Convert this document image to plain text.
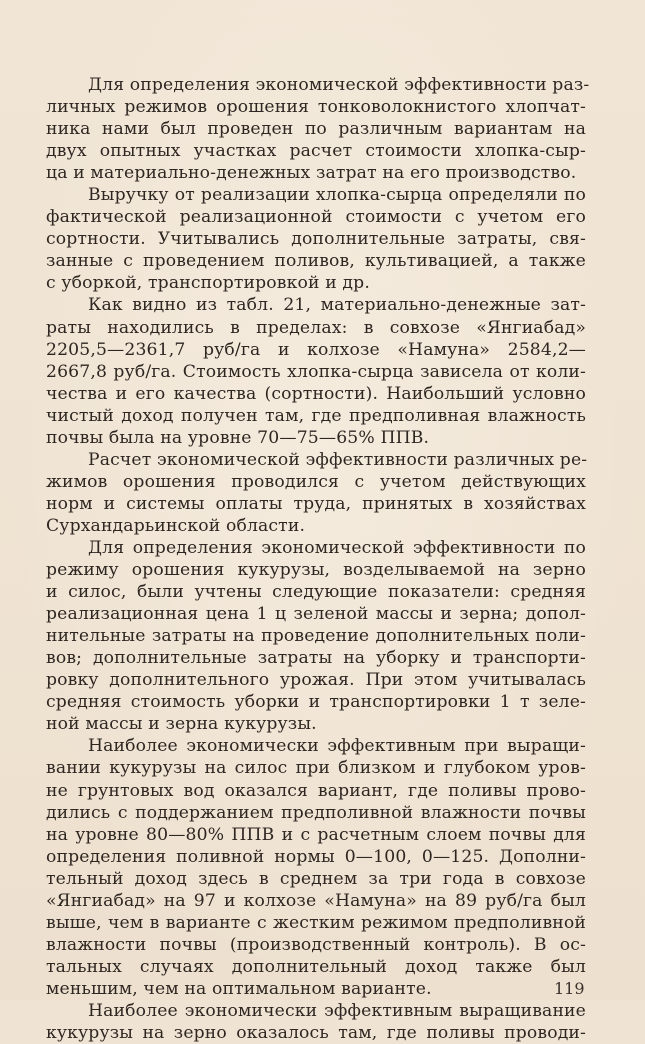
Для определения экономической эффективности раз-
личных режимов орошения тонковолокнистого хлопчат-
ника нами был проведен по различным вариантам на
двух опытных участках расчет стоимости хлопка-сыр-
ца и материально-денежных затрат на его производство.
Выручку от реализации хлопка-сырца определяли по
фактической реализационной стоимости с учетом его
сортности. Учитывались дополнительные затраты, свя-
занные с проведением поливов, культивацией, а также
с уборкой, транспортировкой и др.
Как видно из табл. 21, материально-денежные зат-
раты находились в пределах: в совхозе «Янгиабад»
2205,5—2361,7 руб/га и колхозе «Намуна» 2584,2—
2667,8 руб/га. Стоимость хлопка-сырца зависела от коли-
чества и его качества (сортности). Наибольший условно
чистый доход получен там, где предполивная влажность
почвы была на уровне 70—75—65% ППВ.
Расчет экономической эффективности различных ре-
жимов орошения проводился с учетом действующих
норм и системы оплаты труда, принятых в хозяйствах
Сурхандарьинской области.
Для определения экономической эффективности по
режиму орошения кукурузы, возделываемой на зерно
и силос, были учтены следующие показатели: средняя
реализационная цена 1 ц зеленой массы и зерна; допол-
нительные затраты на проведение дополнительных поли-
вов; дополнительные затраты на уборку и транспорти-
ровку дополнительного урожая. При этом учитывалась
средняя стоимость уборки и транспортировки 1 т зеле-
ной массы и зерна кукурузы.
Наиболее экономически эффективным при выращи-
вании кукурузы на силос при близком и глубоком уров-
не грунтовых вод оказался вариант, где поливы прово-
дились с поддержанием предполивной влажности почвы
на уровне 80—80% ППВ и с расчетным слоем почвы для
определения поливной нормы 0—100, 0—125. Дополни-
тельный доход здесь в среднем за три года в совхозе
«Янгиабад» на 97 и колхозе «Намуна» на 89 руб/га был
выше, чем в варианте с жестким режимом предполивной
влажности почвы (производственный контроль). В ос-
тальных случаях дополнительный доход также был
меньшим, чем на оптимальном варианте.
Наиболее экономически эффективным выращивание
кукурузы на зерно оказалось там, где поливы проводи-
119
